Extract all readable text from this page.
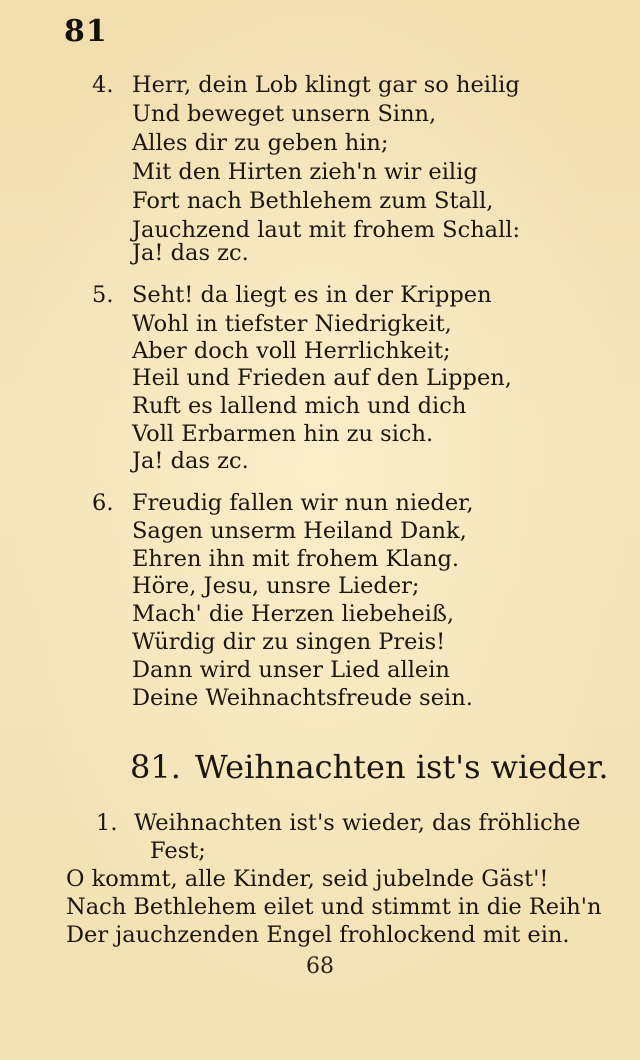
81
4. Herr, dein Lob klingt gar so heilig
Und beweget unsern Sinn,
Alles dir zu geben hin;
Mit den Hirten zieh'n wir eilig
Fort nach Bethlehem zum Stall,
Jauchzend laut mit frohem Schall:
Ja! das zc.
5. Seht! da liegt es in der Krippen
Wohl in tiefster Niedrigkeit,
Aber doch voll Herrlichkeit;
Heil und Frieden auf den Lippen,
Ruft es lallend mich und dich
Voll Erbarmen hin zu sich.
Ja! das zc.
6. Freudig fallen wir nun nieder,
Sagen unserm Heiland Dank,
Ehren ihn mit frohem Klang.
Höre, Jesu, unsre Lieder;
Mach' die Herzen liebeheiß,
Würdig dir zu singen Preis!
Dann wird unser Lied allein
Deine Weihnachtsfreude sein.
81. Weihnachten ist's wieder.
1. Weihnachten ist's wieder, das fröhliche
Fest;
O kommt, alle Kinder, seid jubelnde Gäst'!
Nach Bethlehem eilet und stimmt in die Reih'n
Der jauchzenden Engel frohlockend mit ein.
68
